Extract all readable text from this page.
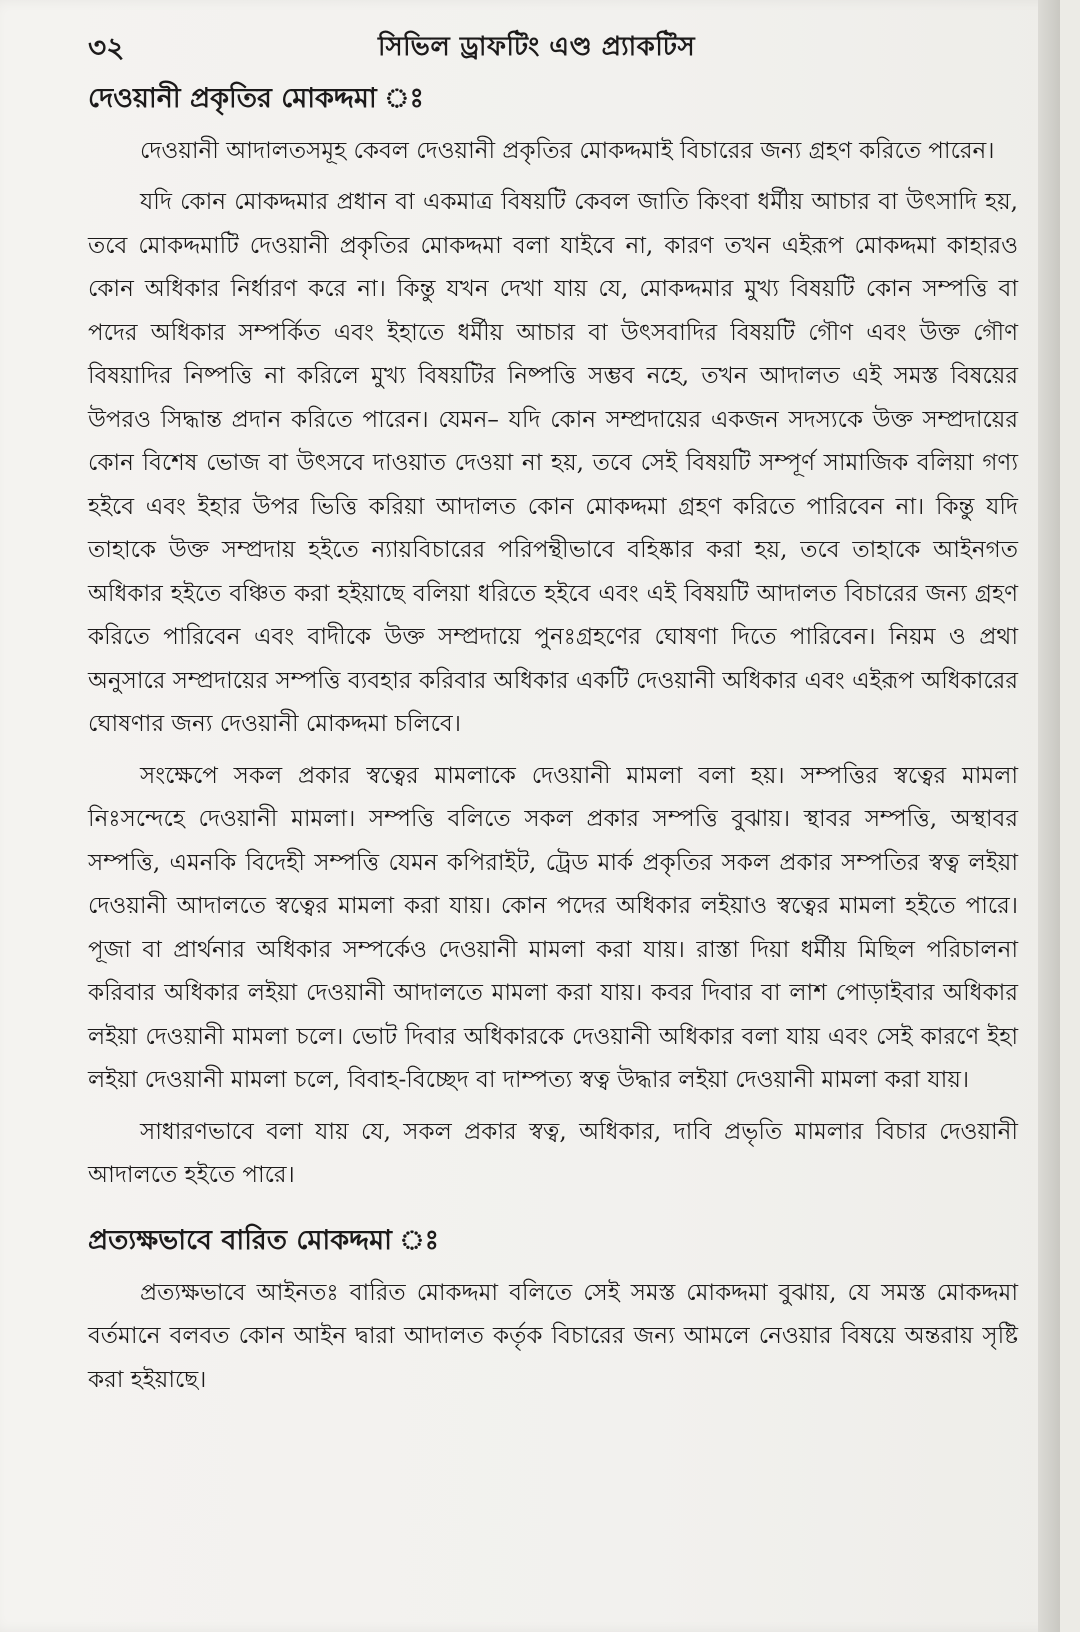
৩২	সিভিল ড্রাফটিং এণ্ড প্র্যাকটিস
দেওয়ানী প্রকৃতির মোকদ্দমা ঃ

দেওয়ানী আদালতসমূহ কেবল দেওয়ানী প্রকৃতির মোকদ্দমাই বিচারের জন্য গ্রহণ করিতে পারেন।

যদি কোন মোকদ্দমার প্রধান বা একমাত্র বিষয়টি কেবল জাতি কিংবা ধর্মীয় আচার বা উৎসাদি হয়, তবে মোকদ্দমাটি দেওয়ানী প্রকৃতির মোকদ্দমা বলা যাইবে না, কারণ তখন এইরূপ মোকদ্দমা কাহারও কোন অধিকার নির্ধারণ করে না। কিন্তু যখন দেখা যায় যে, মোকদ্দমার মুখ্য বিষয়টি কোন সম্পত্তি বা পদের অধিকার সম্পর্কিত এবং ইহাতে ধর্মীয় আচার বা উৎসবাদির বিষয়টি গৌণ এবং উক্ত গৌণ বিষয়াদির নিষ্পত্তি না করিলে মুখ্য বিষয়টির নিষ্পত্তি সম্ভব নহে, তখন আদালত এই সমস্ত বিষয়ের উপরও সিদ্ধান্ত প্রদান করিতে পারেন। যেমন– যদি কোন সম্প্রদায়ের একজন সদস্যকে উক্ত সম্প্রদায়ের কোন বিশেষ ভোজ বা উৎসবে দাওয়াত দেওয়া না হয়, তবে সেই বিষয়টি সম্পূর্ণ সামাজিক বলিয়া গণ্য হইবে এবং ইহার উপর ভিত্তি করিয়া আদালত কোন মোকদ্দমা গ্রহণ করিতে পারিবেন না। কিন্তু যদি তাহাকে উক্ত সম্প্রদায় হইতে ন্যায়বিচারের পরিপন্থীভাবে বহিষ্কার করা হয়, তবে তাহাকে আইনগত অধিকার হইতে বঞ্চিত করা হইয়াছে বলিয়া ধরিতে হইবে এবং এই বিষয়টি আদালত বিচারের জন্য গ্রহণ করিতে পারিবেন এবং বাদীকে উক্ত সম্প্রদায়ে পুনঃগ্রহণের ঘোষণা দিতে পারিবেন। নিয়ম ও প্রথা অনুসারে সম্প্রদায়ের সম্পত্তি ব্যবহার করিবার অধিকার একটি দেওয়ানী অধিকার এবং এইরূপ অধিকারের ঘোষণার জন্য দেওয়ানী মোকদ্দমা চলিবে।

সংক্ষেপে সকল প্রকার স্বত্বের মামলাকে দেওয়ানী মামলা বলা হয়। সম্পত্তির স্বত্বের মামলা নিঃসন্দেহে দেওয়ানী মামলা। সম্পত্তি বলিতে সকল প্রকার সম্পত্তি বুঝায়। স্থাবর সম্পত্তি, অস্থাবর সম্পত্তি, এমনকি বিদেহী সম্পত্তি যেমন কপিরাইট, ট্রেড মার্ক প্রকৃতির সকল প্রকার সম্পতির স্বত্ব লইয়া দেওয়ানী আদালতে স্বত্বের মামলা করা যায়। কোন পদের অধিকার লইয়াও স্বত্বের মামলা হইতে পারে। পূজা বা প্রার্থনার অধিকার সম্পর্কেও দেওয়ানী মামলা করা যায়। রাস্তা দিয়া ধর্মীয় মিছিল পরিচালনা করিবার অধিকার লইয়া দেওয়ানী আদালতে মামলা করা যায়। কবর দিবার বা লাশ পোড়াইবার অধিকার লইয়া দেওয়ানী মামলা চলে। ভোট দিবার অধিকারকে দেওয়ানী অধিকার বলা যায় এবং সেই কারণে ইহা লইয়া দেওয়ানী মামলা চলে, বিবাহ-বিচ্ছেদ বা দাম্পত্য স্বত্ব উদ্ধার লইয়া দেওয়ানী মামলা করা যায়।

সাধারণভাবে বলা যায় যে, সকল প্রকার স্বত্ব, অধিকার, দাবি প্রভৃতি মামলার বিচার দেওয়ানী আদালতে হইতে পারে।

প্রত্যক্ষভাবে বারিত মোকদ্দমা ঃ

প্রত্যক্ষভাবে আইনতঃ বারিত মোকদ্দমা বলিতে সেই সমস্ত মোকদ্দমা বুঝায়, যে সমস্ত মোকদ্দমা বর্তমানে বলবত কোন আইন দ্বারা আদালত কর্তৃক বিচারের জন্য আমলে নেওয়ার বিষয়ে অন্তরায় সৃষ্টি করা হইয়াছে।
